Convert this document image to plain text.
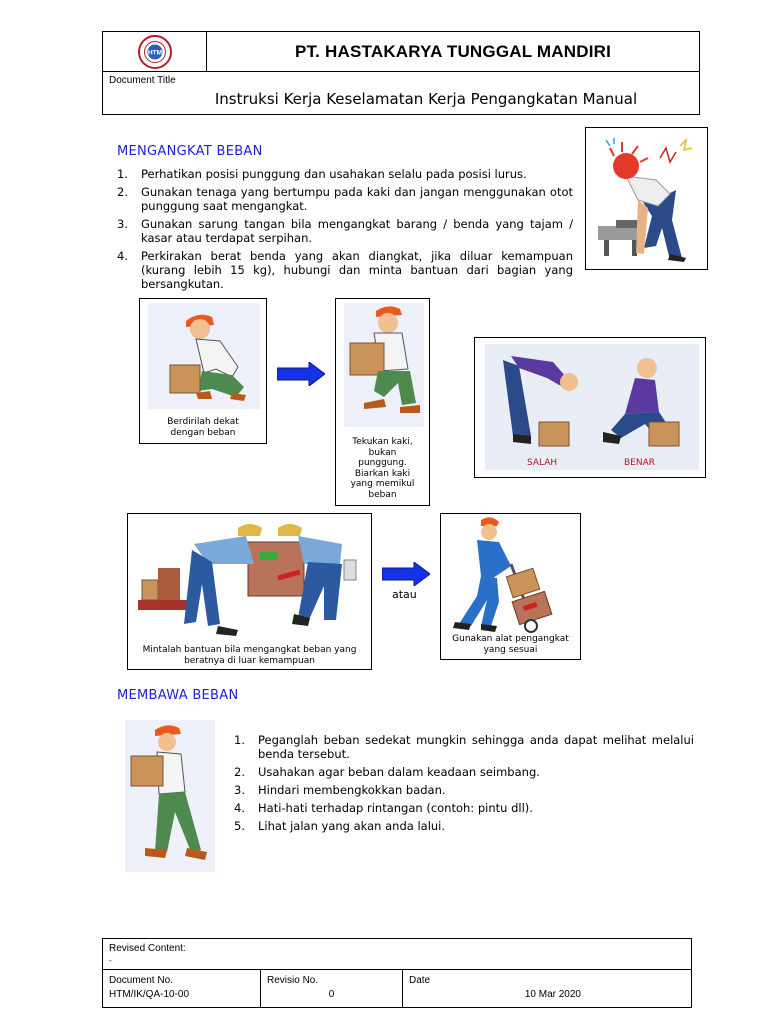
HTM	PT. HASTAKARYA TUNGGAL MANDIRI
Document Title
Instruksi Kerja Keselamatan Kerja Pengangkatan Manual
MENGANGKAT BEBAN
1. Perhatikan posisi punggung dan usahakan selalu pada posisi lurus.
2. Gunakan tenaga yang bertumpu pada kaki dan jangan menggunakan otot punggung saat mengangkat.
3. Gunakan sarung tangan bila mengangkat barang / benda yang tajam / kasar atau terdapat serpihan.
4. Perkirakan berat benda yang akan diangkat, jika diluar kemampuan (kurang lebih 15 kg), hubungi dan minta bantuan dari bagian yang bersangkutan.
Berdirilah dekat dengan beban
Tekukan kaki, bukan punggung. Biarkan kaki yang memikul beban
SALAH	BENAR
Mintalah bantuan bila mengangkat beban yang beratnya di luar kemampuan
atau
Gunakan alat pengangkat yang sesuai
MEMBAWA BEBAN
1. Peganglah beban sedekat mungkin sehingga anda dapat melihat melalui benda tersebut.
2. Usahakan agar beban dalam keadaan seimbang.
3. Hindari membengkokkan badan.
4. Hati-hati terhadap rintangan (contoh: pintu dll).
5. Lihat jalan yang akan anda lalui.
Revised Content:
-
Document No.
HTM/IK/QA-10-00
Revisio No.
0
Date
10 Mar 2020
